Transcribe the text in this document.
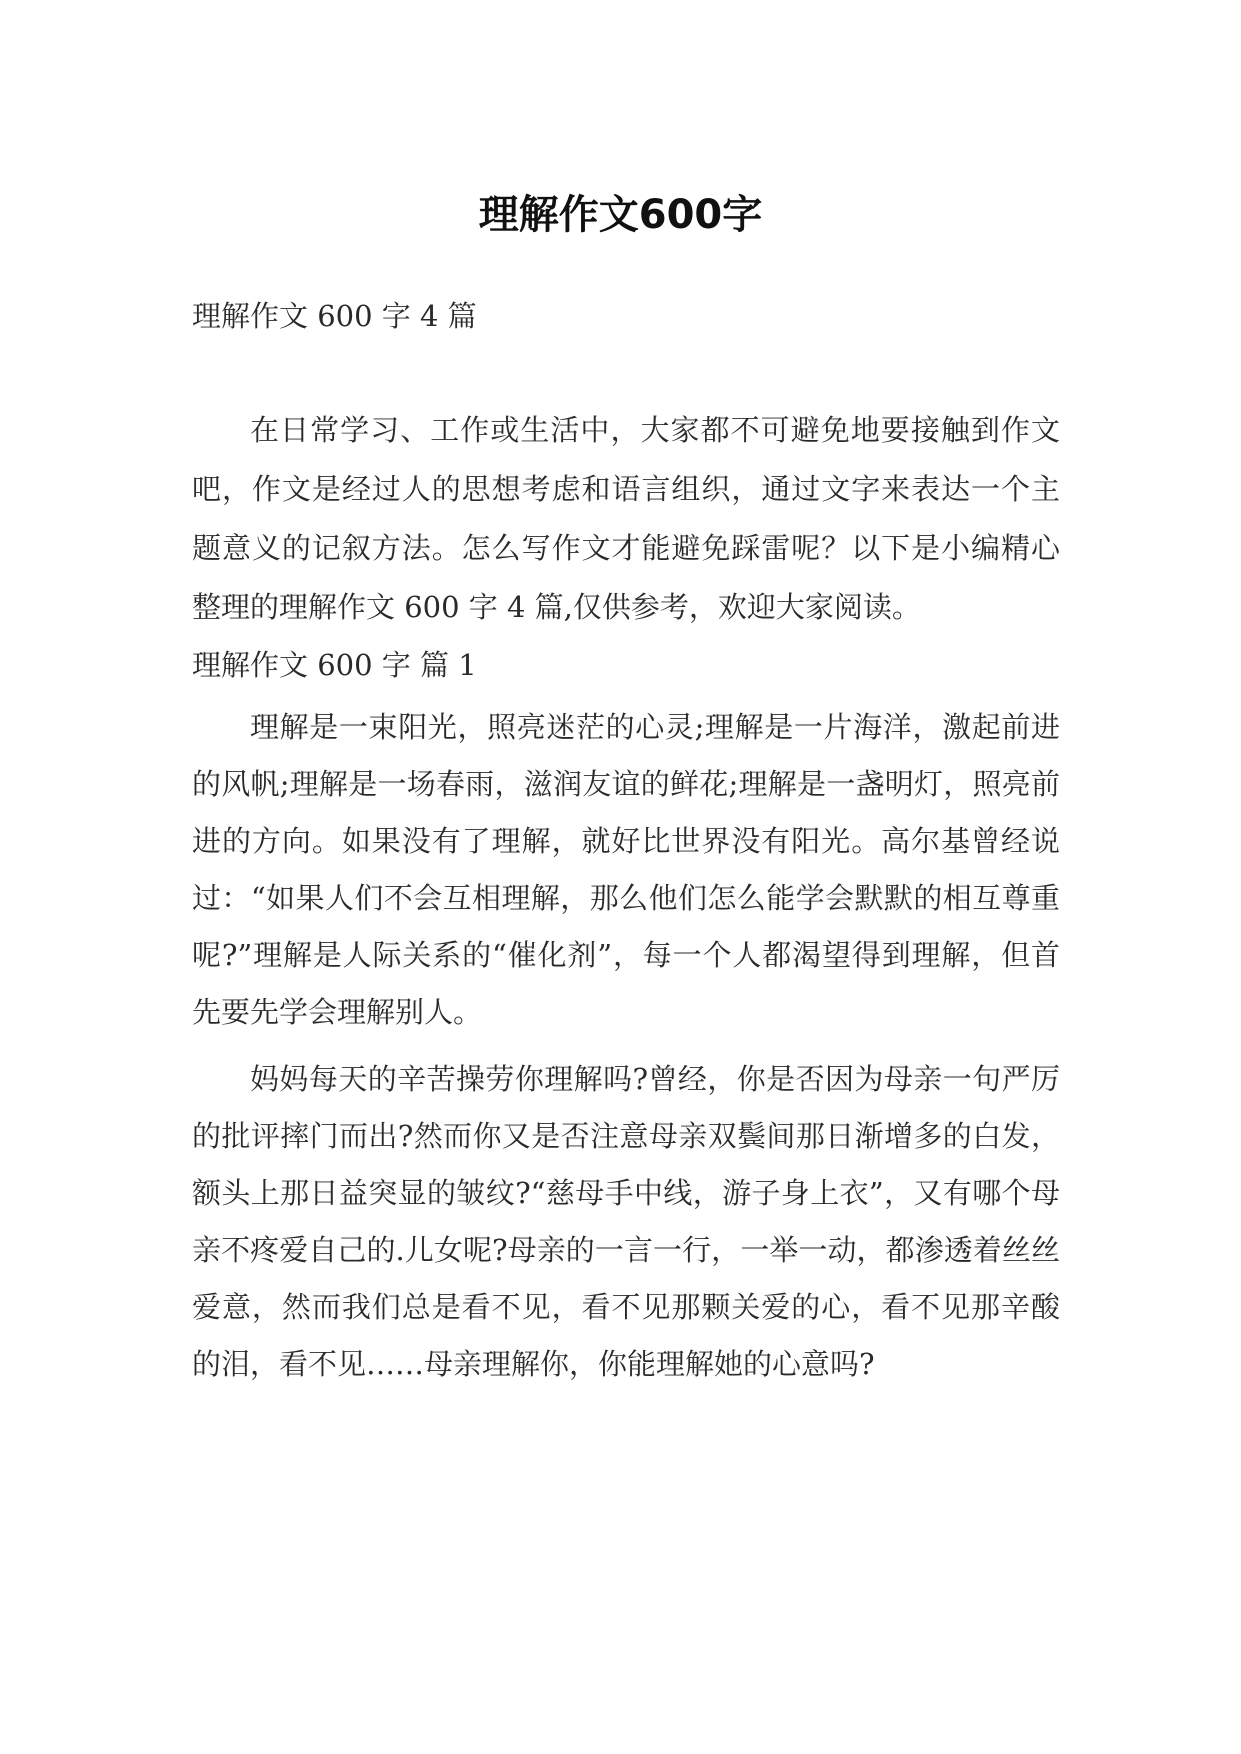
理解作文600字

理解作文 600 字 4 篇

在日常学习、工作或生活中，大家都不可避免地要接触到作文吧，作文是经过人的思想考虑和语言组织，通过文字来表达一个主题意义的记叙方法。怎么写作文才能避免踩雷呢？以下是小编精心整理的理解作文 600 字 4 篇,仅供参考，欢迎大家阅读。

理解作文 600 字 篇 1

理解是一束阳光，照亮迷茫的心灵;理解是一片海洋，激起前进的风帆;理解是一场春雨，滋润友谊的鲜花;理解是一盏明灯，照亮前进的方向。如果没有了理解，就好比世界没有阳光。高尔基曾经说过：“如果人们不会互相理解，那么他们怎么能学会默默的相互尊重呢?”理解是人际关系的“催化剂”，每一个人都渴望得到理解，但首先要先学会理解别人。

妈妈每天的辛苦操劳你理解吗?曾经，你是否因为母亲一句严厉的批评摔门而出?然而你又是否注意母亲双鬓间那日渐增多的白发，额头上那日益突显的皱纹?“慈母手中线，游子身上衣”，又有哪个母亲不疼爱自己的.儿女呢?母亲的一言一行，一举一动，都渗透着丝丝爱意，然而我们总是看不见，看不见那颗关爱的心，看不见那辛酸的泪，看不见……母亲理解你，你能理解她的心意吗?
